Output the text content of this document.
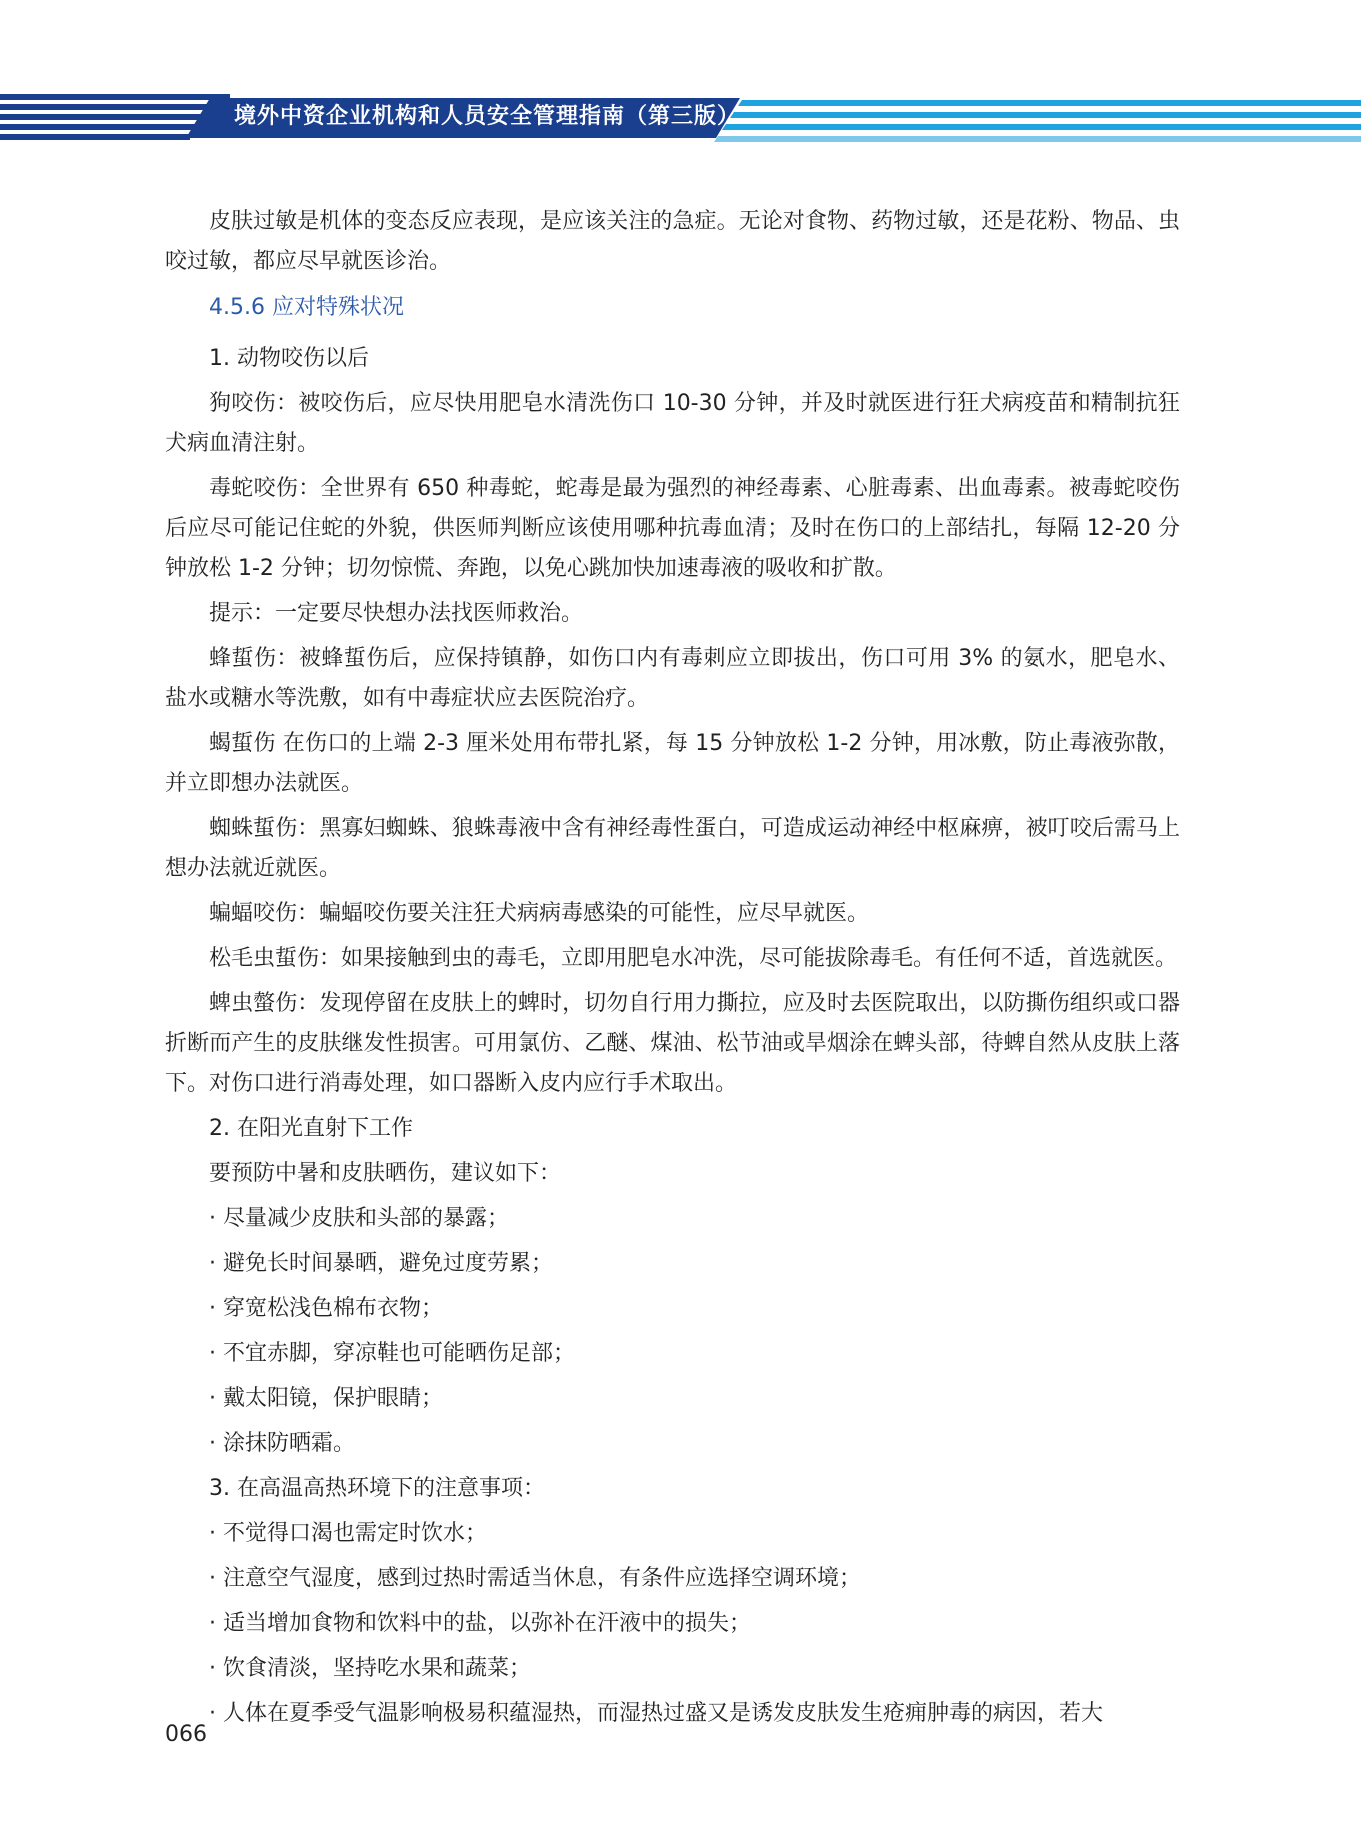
境外中资企业机构和人员安全管理指南（第三版）

皮肤过敏是机体的变态反应表现，是应该关注的急症。无论对食物、药物过敏，还是花粉、物品、虫咬过敏，都应尽早就医诊治。

4.5.6 应对特殊状况

1. 动物咬伤以后

狗咬伤：被咬伤后，应尽快用肥皂水清洗伤口 10-30 分钟，并及时就医进行狂犬病疫苗和精制抗狂犬病血清注射。

毒蛇咬伤：全世界有 650 种毒蛇，蛇毒是最为强烈的神经毒素、心脏毒素、出血毒素。被毒蛇咬伤后应尽可能记住蛇的外貌，供医师判断应该使用哪种抗毒血清；及时在伤口的上部结扎，每隔 12-20 分钟放松 1-2 分钟；切勿惊慌、奔跑，以免心跳加快加速毒液的吸收和扩散。

提示：一定要尽快想办法找医师救治。

蜂蜇伤：被蜂蜇伤后，应保持镇静，如伤口内有毒刺应立即拔出，伤口可用 3% 的氨水，肥皂水、盐水或糖水等洗敷，如有中毒症状应去医院治疗。

蝎蜇伤 在伤口的上端 2-3 厘米处用布带扎紧，每 15 分钟放松 1-2 分钟，用冰敷，防止毒液弥散，并立即想办法就医。

蜘蛛蜇伤：黑寡妇蜘蛛、狼蛛毒液中含有神经毒性蛋白，可造成运动神经中枢麻痹，被叮咬后需马上想办法就近就医。

蝙蝠咬伤：蝙蝠咬伤要关注狂犬病病毒感染的可能性，应尽早就医。

松毛虫蜇伤：如果接触到虫的毒毛，立即用肥皂水冲洗，尽可能拔除毒毛。有任何不适，首选就医。

蜱虫螫伤：发现停留在皮肤上的蜱时，切勿自行用力撕拉，应及时去医院取出，以防撕伤组织或口器折断而产生的皮肤继发性损害。可用氯仿、乙醚、煤油、松节油或旱烟涂在蜱头部，待蜱自然从皮肤上落下。对伤口进行消毒处理，如口器断入皮内应行手术取出。

2. 在阳光直射下工作

要预防中暑和皮肤晒伤，建议如下：

· 尽量减少皮肤和头部的暴露；
· 避免长时间暴晒，避免过度劳累；
· 穿宽松浅色棉布衣物；
· 不宜赤脚，穿凉鞋也可能晒伤足部；
· 戴太阳镜，保护眼睛；
· 涂抹防晒霜。

3. 在高温高热环境下的注意事项：

· 不觉得口渴也需定时饮水；
· 注意空气湿度，感到过热时需适当休息，有条件应选择空调环境；
· 适当增加食物和饮料中的盐，以弥补在汗液中的损失；
· 饮食清淡，坚持吃水果和蔬菜；
· 人体在夏季受气温影响极易积蕴湿热，而湿热过盛又是诱发皮肤发生疮痈肿毒的病因，若大
066
